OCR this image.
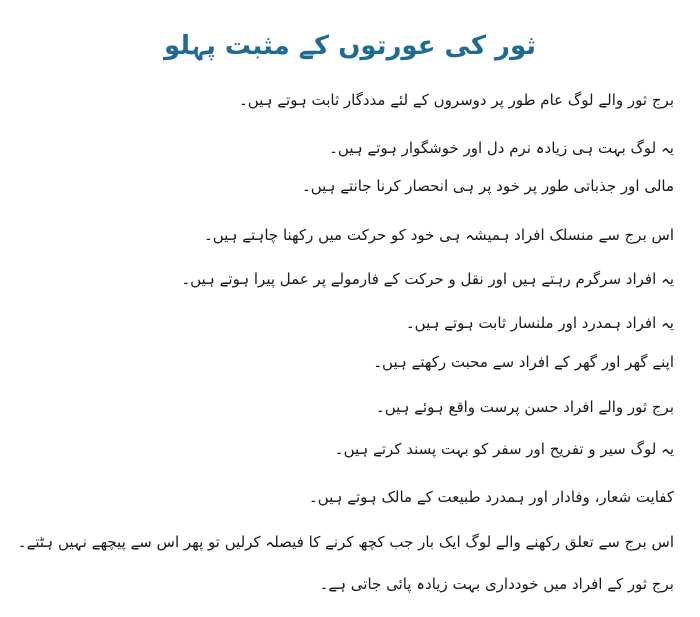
ثور کی عورتوں کے مثبت پہلو
برج ثور والے لوگ عام طور پر دوسروں کے لئے مددگار ثابت ہوتے ہیں۔
یہ لوگ بہت ہی زیادہ نرم دل اور خوشگوار ہوتے ہیں۔
مالی اور جذباتی طور پر خود پر ہی انحصار کرنا جانتے ہیں۔
اس برج سے منسلک افراد ہمیشہ ہی خود کو حرکت میں رکھنا چاہتے ہیں۔
یہ افراد سرگرم رہتے ہیں اور نقل و حرکت کے فارمولے پر عمل پیرا ہوتے ہیں۔
یہ افراد ہمدرد اور ملنسار ثابت ہوتے ہیں۔
اپنے گھر اور گھر کے افراد سے محبت رکھتے ہیں۔
برج ثور والے افراد حسن پرست واقع ہوئے ہیں۔
یہ لوگ سیر و تفریح اور سفر کو بہت پسند کرتے ہیں۔
کفایت شعار، وفادار اور ہمدرد طبیعت کے مالک ہوتے ہیں۔
اس برج سے تعلق رکھنے والے لوگ ایک بار جب کچھ کرنے کا فیصلہ کرلیں تو پھر اس سے پیچھے نہیں ہٹتے۔
برج ثور کے افراد میں خودداری بہت زیادہ پائی جاتی ہے۔
